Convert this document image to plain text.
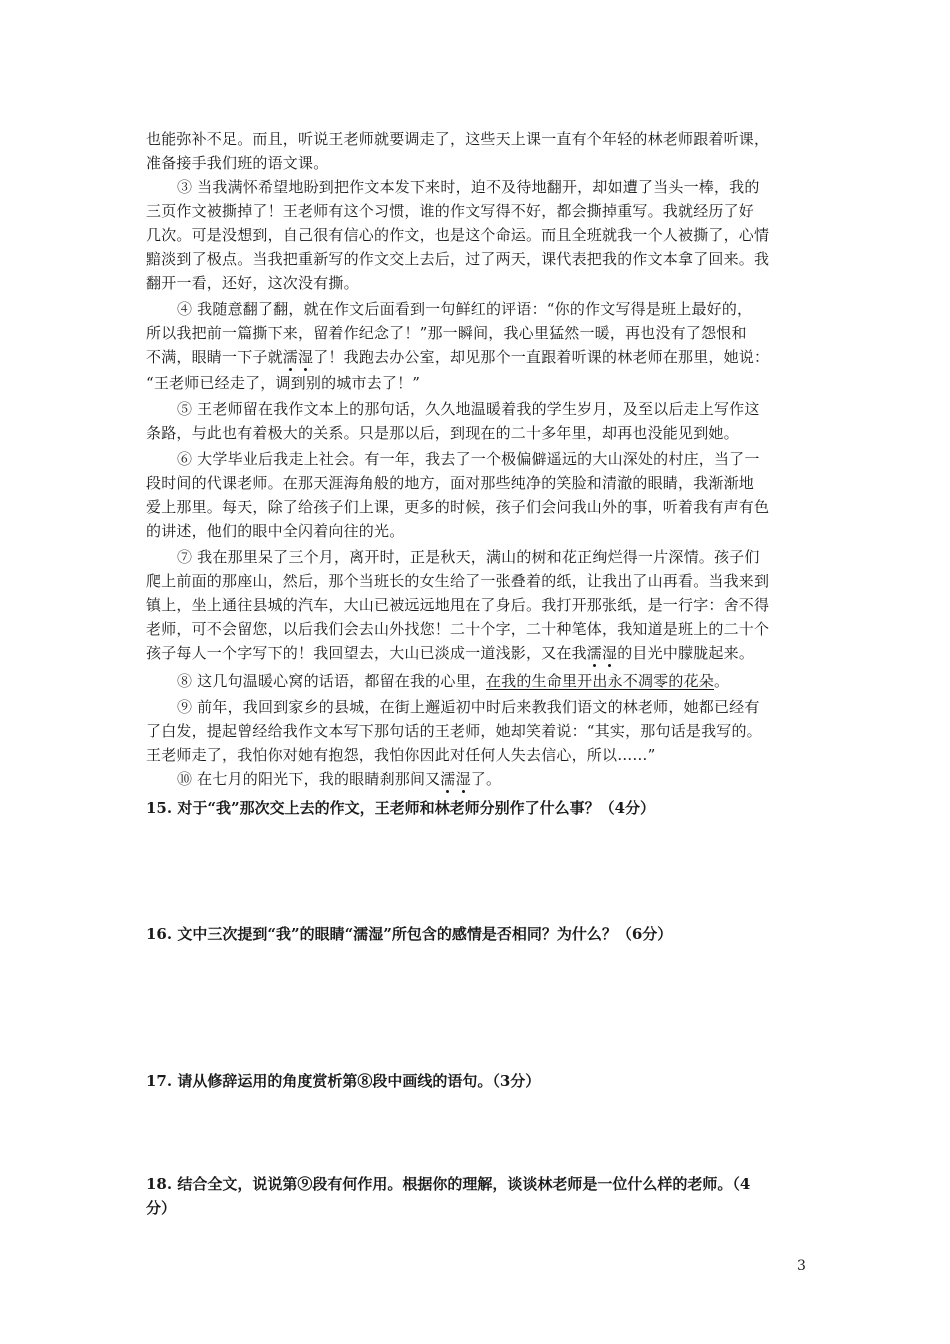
也能弥补不足。而且，听说王老师就要调走了，这些天上课一直有个年轻的林老师跟着听课，
准备接手我们班的语文课。
③ 当我满怀希望地盼到把作文本发下来时，迫不及待地翻开，却如遭了当头一棒，我的
三页作文被撕掉了！王老师有这个习惯，谁的作文写得不好，都会撕掉重写。我就经历了好
几次。可是没想到，自己很有信心的作文，也是这个命运。而且全班就我一个人被撕了，心情
黯淡到了极点。当我把重新写的作文交上去后，过了两天，课代表把我的作文本拿了回来。我
翻开一看，还好，这次没有撕。
④ 我随意翻了翻，就在作文后面看到一句鲜红的评语：“你的作文写得是班上最好的，
所以我把前一篇撕下来，留着作纪念了！”那一瞬间，我心里猛然一暖，再也没有了怨恨和
不满，眼睛一下子就濡湿了！我跑去办公室，却见那个一直跟着听课的林老师在那里，她说：
“王老师已经走了，调到别的城市去了！”
⑤ 王老师留在我作文本上的那句话，久久地温暖着我的学生岁月，及至以后走上写作这
条路，与此也有着极大的关系。只是那以后，到现在的二十多年里，却再也没能见到她。
⑥ 大学毕业后我走上社会。有一年，我去了一个极偏僻遥远的大山深处的村庄，当了一
段时间的代课老师。在那天涯海角般的地方，面对那些纯净的笑脸和清澈的眼睛，我渐渐地
爱上那里。每天，除了给孩子们上课，更多的时候，孩子们会问我山外的事，听着我有声有色
的讲述，他们的眼中全闪着向往的光。
⑦ 我在那里呆了三个月，离开时，正是秋天，满山的树和花正绚烂得一片深情。孩子们
爬上前面的那座山，然后，那个当班长的女生给了一张叠着的纸，让我出了山再看。当我来到
镇上，坐上通往县城的汽车，大山已被远远地甩在了身后。我打开那张纸，是一行字：舍不得
老师，可不会留您，以后我们会去山外找您！二十个字，二十种笔体，我知道是班上的二十个
孩子每人一个字写下的！我回望去，大山已淡成一道浅影，又在我濡湿的目光中朦胧起来。
⑧ 这几句温暖心窝的话语，都留在我的心里，在我的生命里开出永不凋零的花朵。
⑨ 前年，我回到家乡的县城，在街上邂逅初中时后来教我们语文的林老师，她都已经有
了白发，提起曾经给我作文本写下那句话的王老师，她却笑着说：“其实，那句话是我写的。
王老师走了，我怕你对她有抱怨，我怕你因此对任何人失去信心，所以……”
⑩ 在七月的阳光下，我的眼睛刹那间又濡湿了。
15. 对于“我”那次交上去的作文，王老师和林老师分别作了什么事？（4分）
16. 文中三次提到“我”的眼睛“濡湿”所包含的感情是否相同？为什么？（6分）
17. 请从修辞运用的角度赏析第⑧段中画线的语句。（3分）
18. 结合全文，说说第⑨段有何作用。根据你的理解，谈谈林老师是一位什么样的老师。（4
分）
3
